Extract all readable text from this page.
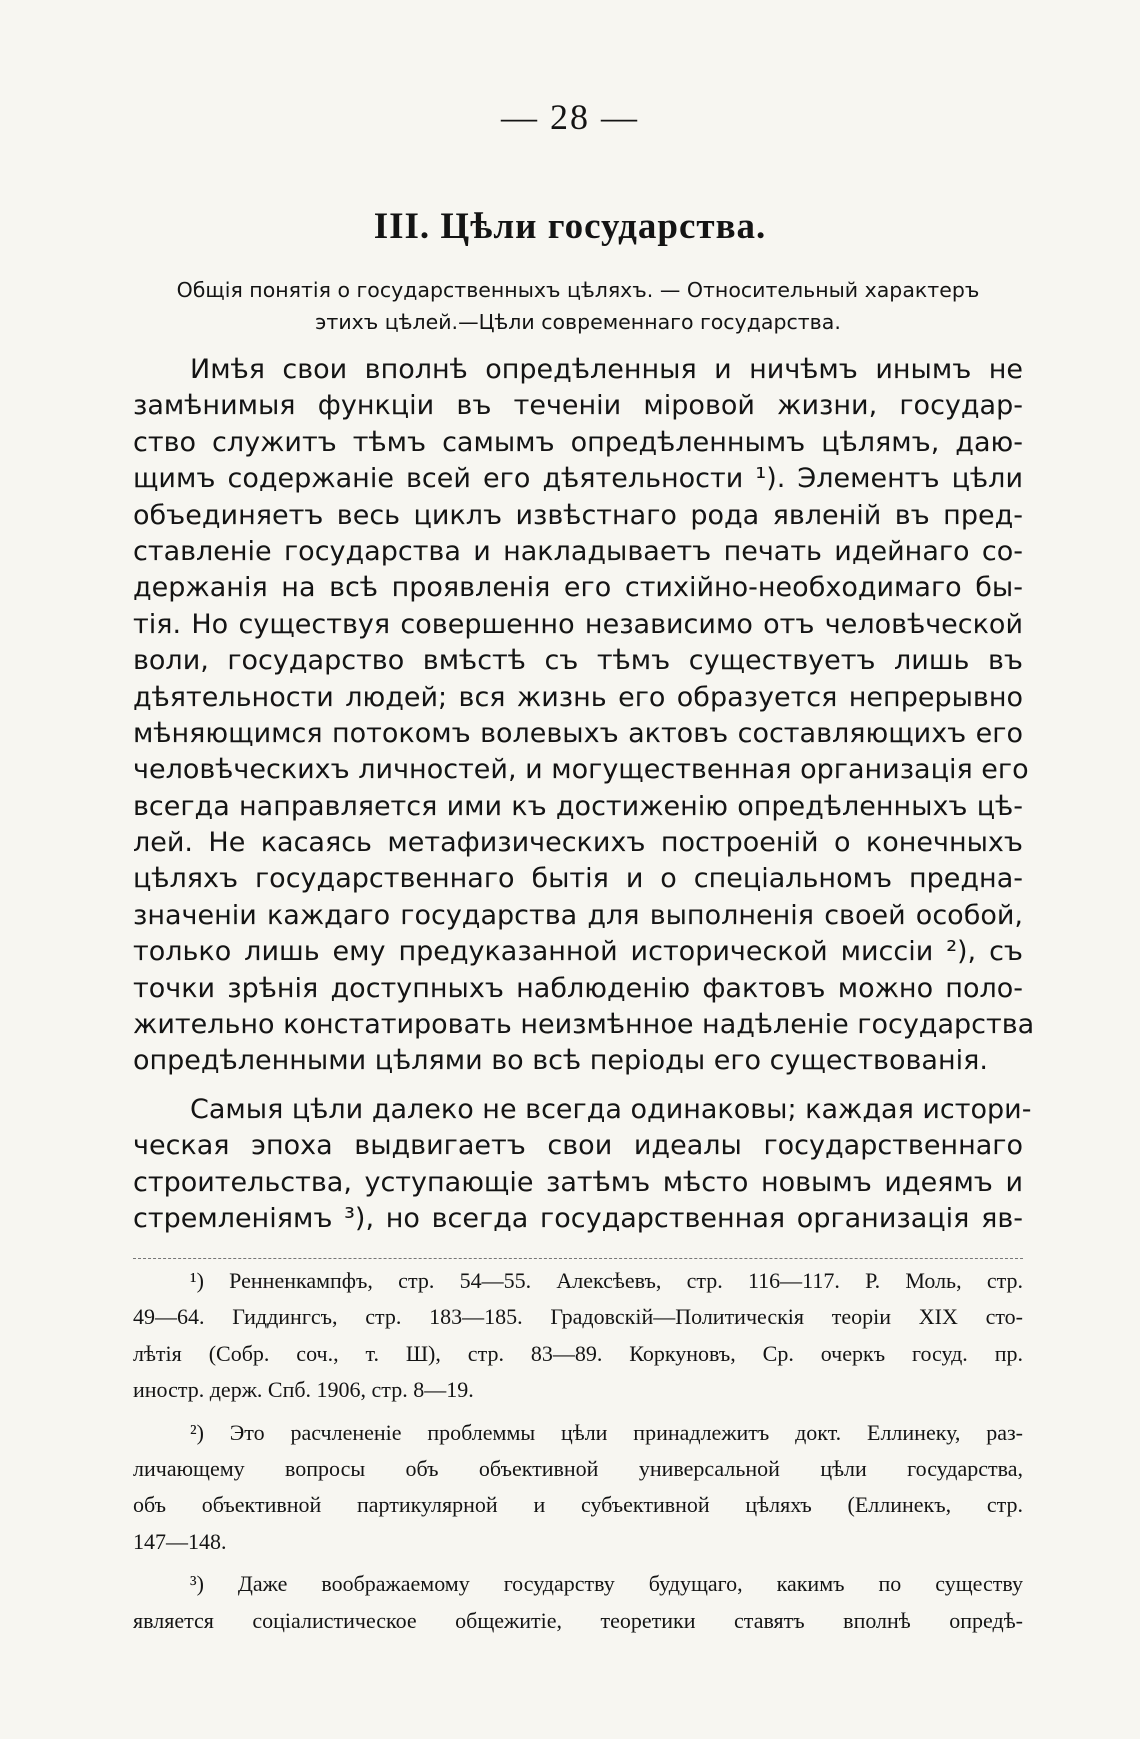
— 28 —
III. Цѣли государства.
Общія понятія о государственныхъ цѣляхъ. — Относительный характеръ
этихъ цѣлей.—Цѣли современнаго государства.
Имѣя свои вполнѣ опредѣленныя и ничѣмъ инымъ не
замѣнимыя функціи въ теченіи міровой жизни, государ-
ство служитъ тѣмъ самымъ опредѣленнымъ цѣлямъ, даю-
щимъ содержаніе всей его дѣятельности ¹). Элементъ цѣли
объединяетъ весь циклъ извѣстнаго рода явленій въ пред-
ставленіе государства и накладываетъ печать идейнаго со-
держанія на всѣ проявленія его стихійно-необходимаго бы-
тія. Но существуя совершенно независимо отъ человѣческой
воли, государство вмѣстѣ съ тѣмъ существуетъ лишь въ
дѣятельности людей; вся жизнь его образуется непрерывно
мѣняющимся потокомъ волевыхъ актовъ составляющихъ его
человѣческихъ личностей, и могущественная организація его
всегда направляется ими къ достиженію опредѣленныхъ цѣ-
лей. Не касаясь метафизическихъ построеній о конечныхъ
цѣляхъ государственнаго бытія и о спеціальномъ предна-
значеніи каждаго государства для выполненія своей особой,
только лишь ему предуказанной исторической миссіи ²), съ
точки зрѣнія доступныхъ наблюденію фактовъ можно поло-
жительно констатировать неизмѣнное надѣленіе государства
опредѣленными цѣлями во всѣ періоды его существованія.
Самыя цѣли далеко не всегда одинаковы; каждая истори-
ческая эпоха выдвигаетъ свои идеалы государственнаго
строительства, уступающіе затѣмъ мѣсто новымъ идеямъ и
стремленіямъ ³), но всегда государственная организація яв-
¹) Ренненкампфъ, стр. 54—55. Алексѣевъ, стр. 116—117. Р. Моль, стр.
49—64. Гиддингсъ, стр. 183—185. Градовскій—Политическія теоріи XIX сто-
лѣтія (Собр. соч., т. Ш), стр. 83—89. Коркуновъ, Ср. очеркъ госуд. пр.
иностр. держ. Спб. 1906, стр. 8—19.
²) Это расчлененіе проблеммы цѣли принадлежитъ докт. Еллинеку, раз-
личающему вопросы объ объективной универсальной цѣли государства,
объ объективной партикулярной и субъективной цѣляхъ (Еллинекъ, стр.
147—148.
³) Даже воображаемому государству будущаго, какимъ по существу
является соціалистическое общежитіе, теоретики ставятъ вполнѣ опредѣ-
